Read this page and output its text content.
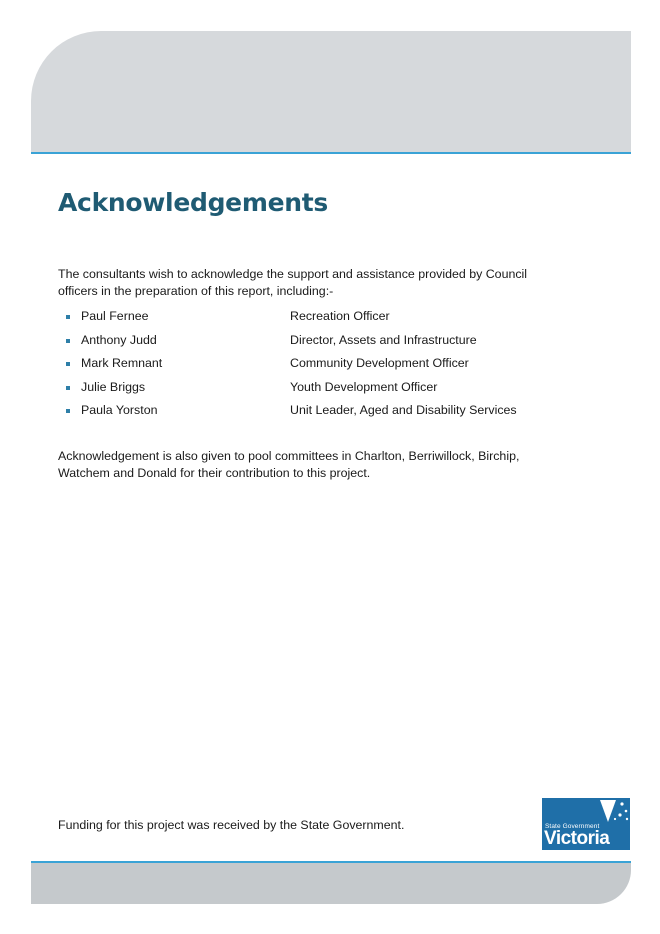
Acknowledgements

The consultants wish to acknowledge the support and assistance provided by Council officers in the preparation of this report, including:-

Paul Fernee	Recreation Officer
Anthony Judd	Director, Assets and Infrastructure
Mark Remnant	Community Development Officer
Julie Briggs	Youth Development Officer
Paula Yorston	Unit Leader, Aged and Disability Services

Acknowledgement is also given to pool committees in Charlton, Berriwillock, Birchip, Watchem and Donald for their contribution to this project.

Funding for this project was received by the State Government.	State Government
Victoria
